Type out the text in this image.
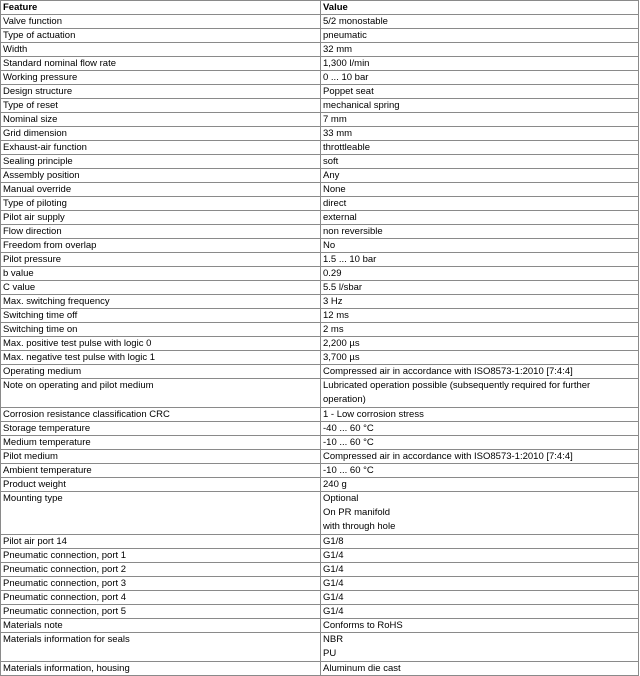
Feature	Value
Valve function	5/2 monostable
Type of actuation	pneumatic
Width	32 mm
Standard nominal flow rate	1,300 l/min
Working pressure	0 ... 10 bar
Design structure	Poppet seat
Type of reset	mechanical spring
Nominal size	7 mm
Grid dimension	33 mm
Exhaust-air function	throttleable
Sealing principle	soft
Assembly position	Any
Manual override	None
Type of piloting	direct
Pilot air supply	external
Flow direction	non reversible
Freedom from overlap	No
Pilot pressure	1.5 ... 10 bar
b value	0.29
C value	5.5 l/sbar
Max. switching frequency	3 Hz
Switching time off	12 ms
Switching time on	2 ms
Max. positive test pulse with logic 0	2,200 µs
Max. negative test pulse with logic 1	3,700 µs
Operating medium	Compressed air in accordance with ISO8573-1:2010 [7:4:4]
Note on operating and pilot medium	Lubricated operation possible (subsequently required for further
operation)

Corrosion resistance classification CRC	1 - Low corrosion stress
Storage temperature	-40 ... 60 °C
Medium temperature	-10 ... 60 °C
Pilot medium	Compressed air in accordance with ISO8573-1:2010 [7:4:4]
Ambient temperature	-10 ... 60 °C
Product weight	240 g
Mounting type	Optional
On PR manifold
with through hole

Pilot air port 14	G1/8
Pneumatic connection, port 1	G1/4
Pneumatic connection, port 2	G1/4
Pneumatic connection, port 3	G1/4
Pneumatic connection, port 4	G1/4
Pneumatic connection, port 5	G1/4
Materials note	Conforms to RoHS
Materials information for seals	NBR
PU

Materials information, housing	Aluminum die cast
